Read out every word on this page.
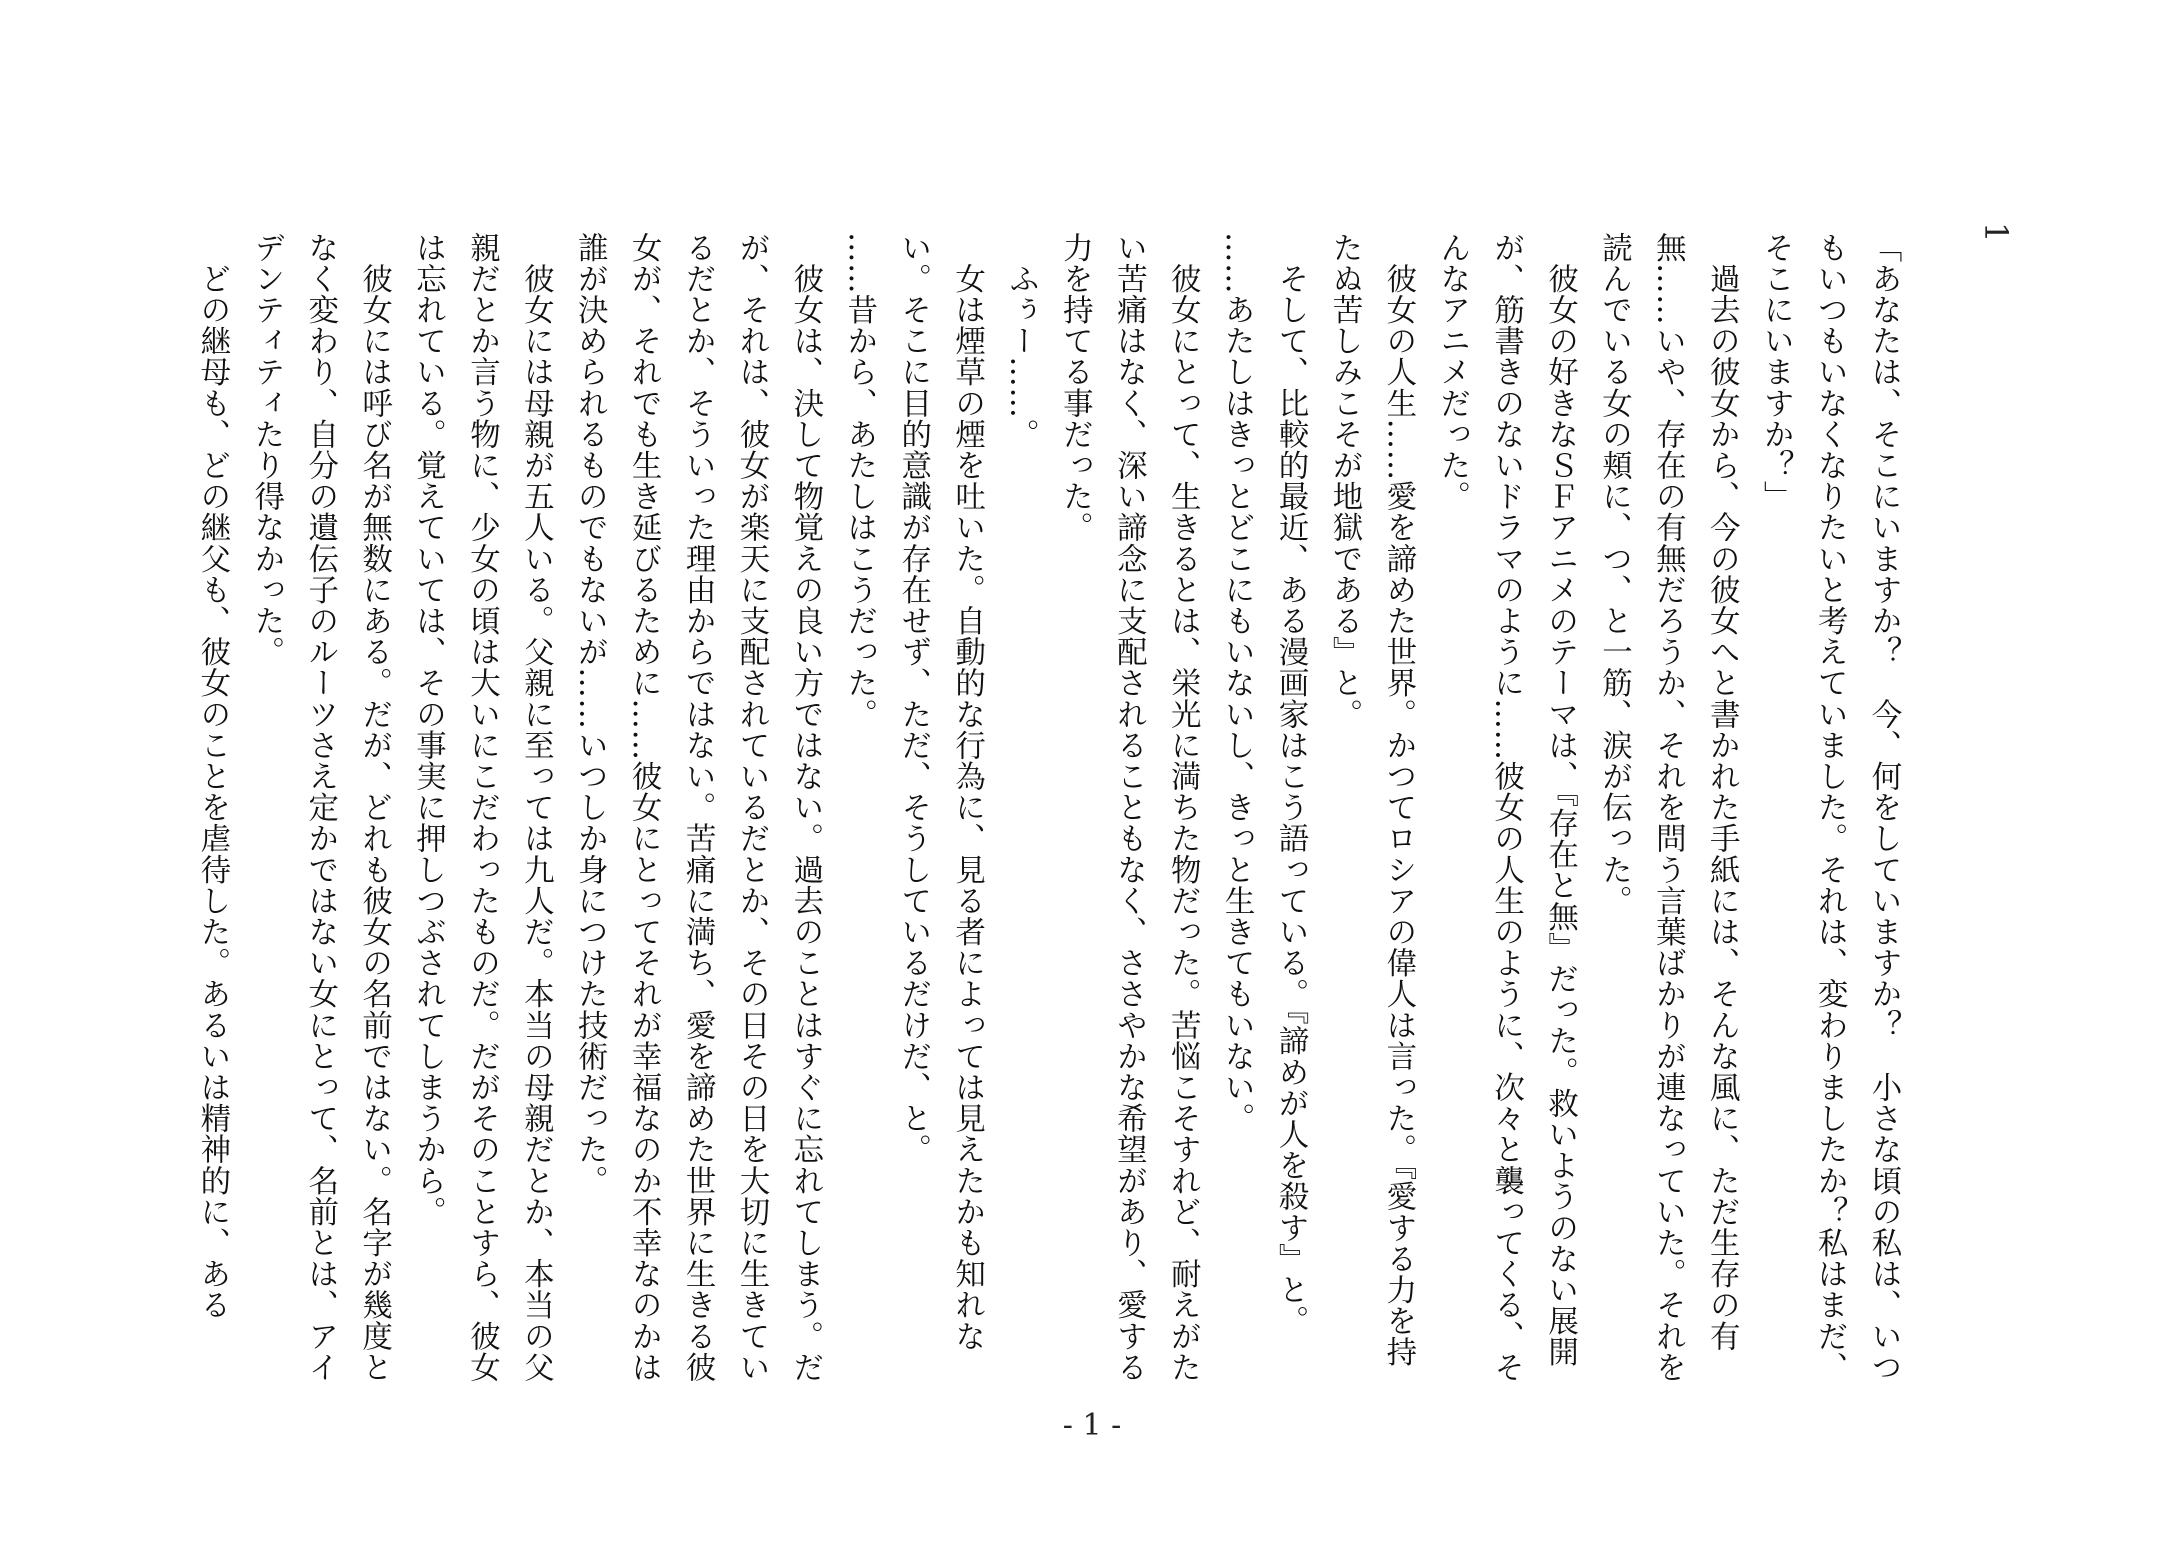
1

「あなたは、そこにいますか？　今、何をしていますか？　小さな頃の私は、いつもいつもいなくなりたいと考えていました。それは、変わりましたか？私はまだ、そこにいますか？」

　過去の彼女から、今の彼女へと書かれた手紙には、そんな風に、ただ生存の有無……いや、存在の有無だろうか、それを問う言葉ばかりが連なっていた。それを読んでいる女の頬に、つ、と一筋、涙が伝った。

　彼女の好きなＳＦアニメのテーマは、『存在と無』だった。救いようのない展開が、筋書きのないドラマのように……彼女の人生のように、次々と襲ってくる、そんなアニメだった。

　彼女の人生……愛を諦めた世界。かつてロシアの偉人は言った。『愛する力を持たぬ苦しみこそが地獄である』と。

　そして、比較的最近、ある漫画家はこう語っている。『諦めが人を殺す』と。

……あたしはきっとどこにもいないし、きっと生きてもいない。

　彼女にとって、生きるとは、栄光に満ちた物だった。苦悩こそすれど、耐えがたい苦痛はなく、深い諦念に支配されることもなく、ささやかな希望があり、愛する力を持てる事だった。

　ふぅー……。

　女は煙草の煙を吐いた。自動的な行為に、見る者によっては見えたかも知れない。そこに目的意識が存在せず、ただ、そうしているだけだ、と。

……昔から、あたしはこうだった。

　彼女は、決して物覚えの良い方ではない。過去のことはすぐに忘れてしまう。だが、それは、彼女が楽天に支配されているだとか、その日その日を大切に生きているだとか、そういった理由からではない。苦痛に満ち、愛を諦めた世界に生きる彼女が、それでも生き延びるために……彼女にとってそれが幸福なのか不幸なのかは誰が決められるものでもないが……いつしか身につけた技術だった。

　彼女には母親が五人いる。父親に至っては九人だ。本当の母親だとか、本当の父親だとか言う物に、少女の頃は大いにこだわったものだ。だがそのことすら、彼女は忘れている。覚えていては、その事実に押しつぶされてしまうから。

　彼女には呼び名が無数にある。だが、どれも彼女の名前ではない。名字が幾度となく変わり、自分の遺伝子のルーツさえ定かではない女にとって、名前とは、アイデンティティたり得なかった。

　どの継母も、どの継父も、彼女のことを虐待した。あるいは精神的に、ある

- 1 -
